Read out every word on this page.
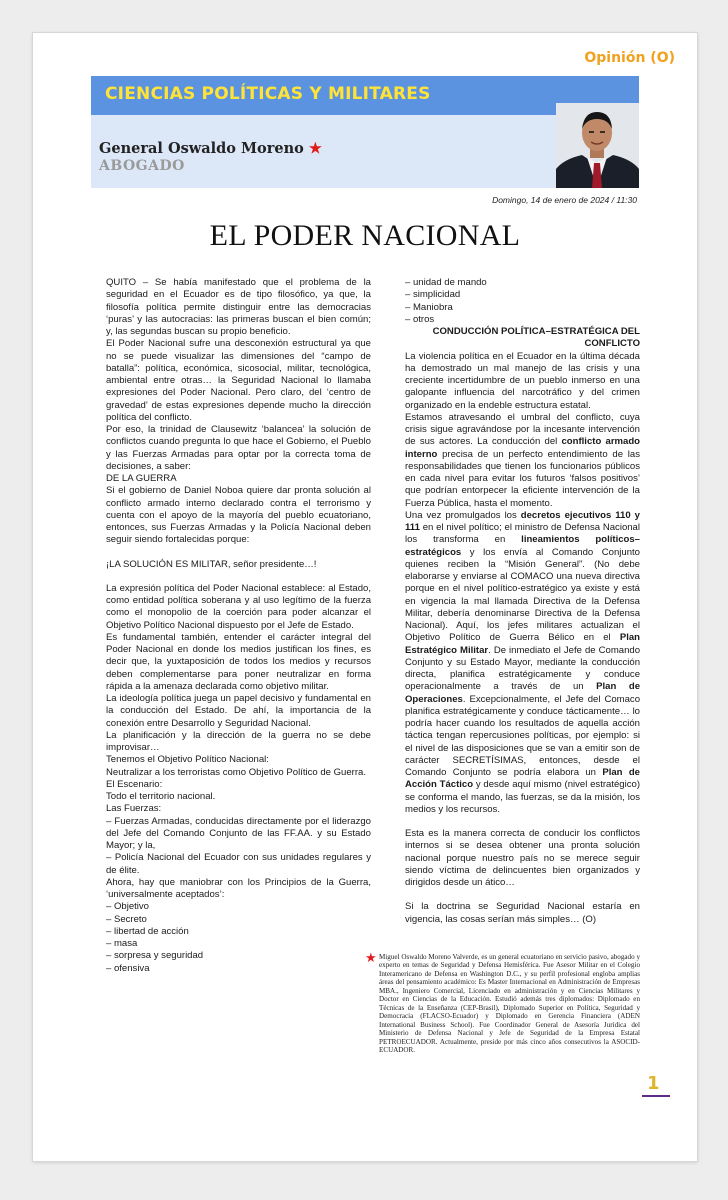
Opinión (O)
CIENCIAS POLÍTICAS Y MILITARES
General Oswaldo Moreno ★
ABOGADO
Domingo, 14 de enero de 2024 / 11:30
EL PODER NACIONAL

QUITO – Se había manifestado que el problema de la seguridad en el Ecuador es de tipo filosófico, ya que, la filosofía política permite distinguir entre las democracias ‘puras’ y las autocracias: las primeras buscan el bien común; y, las segundas buscan su propio beneficio.

El Poder Nacional sufre una desconexión estructural ya que no se puede visualizar las dimensiones del “campo de batalla”: política, económica, sicosocial, militar, tecnológica, ambiental entre otras… la Seguridad Nacional lo llamaba expresiones del Poder Nacional. Pero claro, del ‘centro de gravedad’ de estas expresiones depende mucho la dirección política del conflicto.

Por eso, la trinidad de Clausewitz ‘balancea’ la solución de conflictos cuando pregunta lo que hace el Gobierno, el Pueblo y las Fuerzas Armadas para optar por la correcta toma de decisiones, a saber:

DE LA GUERRA

Si el gobierno de Daniel Noboa quiere dar pronta solución al conflicto armado interno declarado contra el terrorismo y cuenta con el apoyo de la mayoría del pueblo ecuatoriano, entonces, sus Fuerzas Armadas y la Policía Nacional deben seguir siendo fortalecidas porque:

¡LA SOLUCIÓN ES MILITAR, señor presidente…!

La expresión política del Poder Nacional establece: al Estado, como entidad política soberana y al uso legítimo de la fuerza como el monopolio de la coerción para poder alcanzar el Objetivo Político Nacional dispuesto por el Jefe de Estado.

Es fundamental también, entender el carácter integral del Poder Nacional en donde los medios justifican los fines, es decir que, la yuxtaposición de todos los medios y recursos deben complementarse para poner neutralizar en forma rápida a la amenaza declarada como objetivo militar.

La ideología política juega un papel decisivo y fundamental en la conducción del Estado. De ahí, la importancia de la conexión entre Desarrollo y Seguridad Nacional.

La planificación y la dirección de la guerra no se debe improvisar…

Tenemos el Objetivo Político Nacional:

Neutralizar a los terroristas como Objetivo Político de Guerra.

El Escenario:

Todo el territorio nacional.

Las Fuerzas:

– Fuerzas Armadas, conducidas directamente por el liderazgo del Jefe del Comando Conjunto de las FF.AA. y su Estado Mayor; y la,

– Policía Nacional del Ecuador con sus unidades regulares y de élite.

Ahora, hay que maniobrar con los Principios de la Guerra, ‘universalmente aceptados’:

– Objetivo

– Secreto

– libertad de acción

– masa

– sorpresa y seguridad

– ofensiva

– unidad de mando

– simplicidad

– Maniobra

– otros

CONDUCCIÓN POLÍTICA–ESTRATÉGICA DEL CONFLICTO

La violencia política en el Ecuador en la última década ha demostrado un mal manejo de las crisis y una creciente incertidumbre de un pueblo inmerso en una galopante influencia del narcotráfico y del crimen organizado en la endeble estructura estatal.

Estamos atravesando el umbral del conflicto, cuya crisis sigue agravándose por la incesante intervención de sus actores. La conducción del conflicto armado interno precisa de un perfecto entendimiento de las responsabilidades que tienen los funcionarios públicos en cada nivel para evitar los futuros ‘falsos positivos’ que podrían entorpecer la eficiente intervención de la Fuerza Pública, hasta el momento.

Una vez promulgados los decretos ejecutivos 110 y 111 en el nivel político; el ministro de Defensa Nacional los transforma en lineamientos políticos–estratégicos y los envía al Comando Conjunto quienes reciben la “Misión General”. (No debe elaborarse y enviarse al COMACO una nueva directiva porque en el nivel político-estratégico ya existe y está en vigencia la mal llamada Directiva de la Defensa Militar, debería denominarse Directiva de la Defensa Nacional). Aquí, los jefes militares actualizan el Objetivo Político de Guerra Bélico en el Plan Estratégico Militar. De inmediato el Jefe de Comando Conjunto y su Estado Mayor, mediante la conducción directa, planifica estratégicamente y conduce operacionalmente a través de un Plan de Operaciones. Excepcionalmente, el Jefe del Comaco planifica estratégicamente y conduce tácticamente… lo podría hacer cuando los resultados de aquella acción táctica tengan repercusiones políticas, por ejemplo: si el nivel de las disposiciones que se van a emitir son de carácter SECRETÍSIMAS, entonces, desde el Comando Conjunto se podría elabora un Plan de Acción Táctico y desde aquí mismo (nivel estratégico) se conforma el mando, las fuerzas, se da la misión, los medios y los recursos.

Esta es la manera correcta de conducir los conflictos internos si se desea obtener una pronta solución nacional porque nuestro país no se merece seguir siendo víctima de delincuentes bien organizados y dirigidos desde un ático…

Si la doctrina se Seguridad Nacional estaría en vigencia, las cosas serían más simples… (O)

★ Miguel Oswaldo Moreno Valverde, es un general ecuatoriano en servicio pasivo, abogado y experto en temas de Seguridad y Defensa Hemisférica. Fue Asesor Militar en el Colegio Interamericano de Defensa en Washington D.C., y su perfil profesional engloba amplias áreas del pensamiento académico: Es Master Internacional en Administración de Empresas MBA., Ingeniero Comercial, Licenciado en administración y en Ciencias Militares y Doctor en Ciencias de la Educación. Estudió además tres diplomados: Diplomado en Técnicas de la Enseñanza (CEP-Brasil), Diplomado Superior en Política, Seguridad y Democracia (FLACSO-Ecuador) y Diplomado en Gerencia Financiera (ADEN International Business School). Fue Coordinador General de Asesoría Jurídica del Ministerio de Defensa Nacional y Jefe de Seguridad de la Empresa Estatal PETROECUADOR. Actualmente, preside por más cinco años consecutivos la ASOCID-ECUADOR.
1
